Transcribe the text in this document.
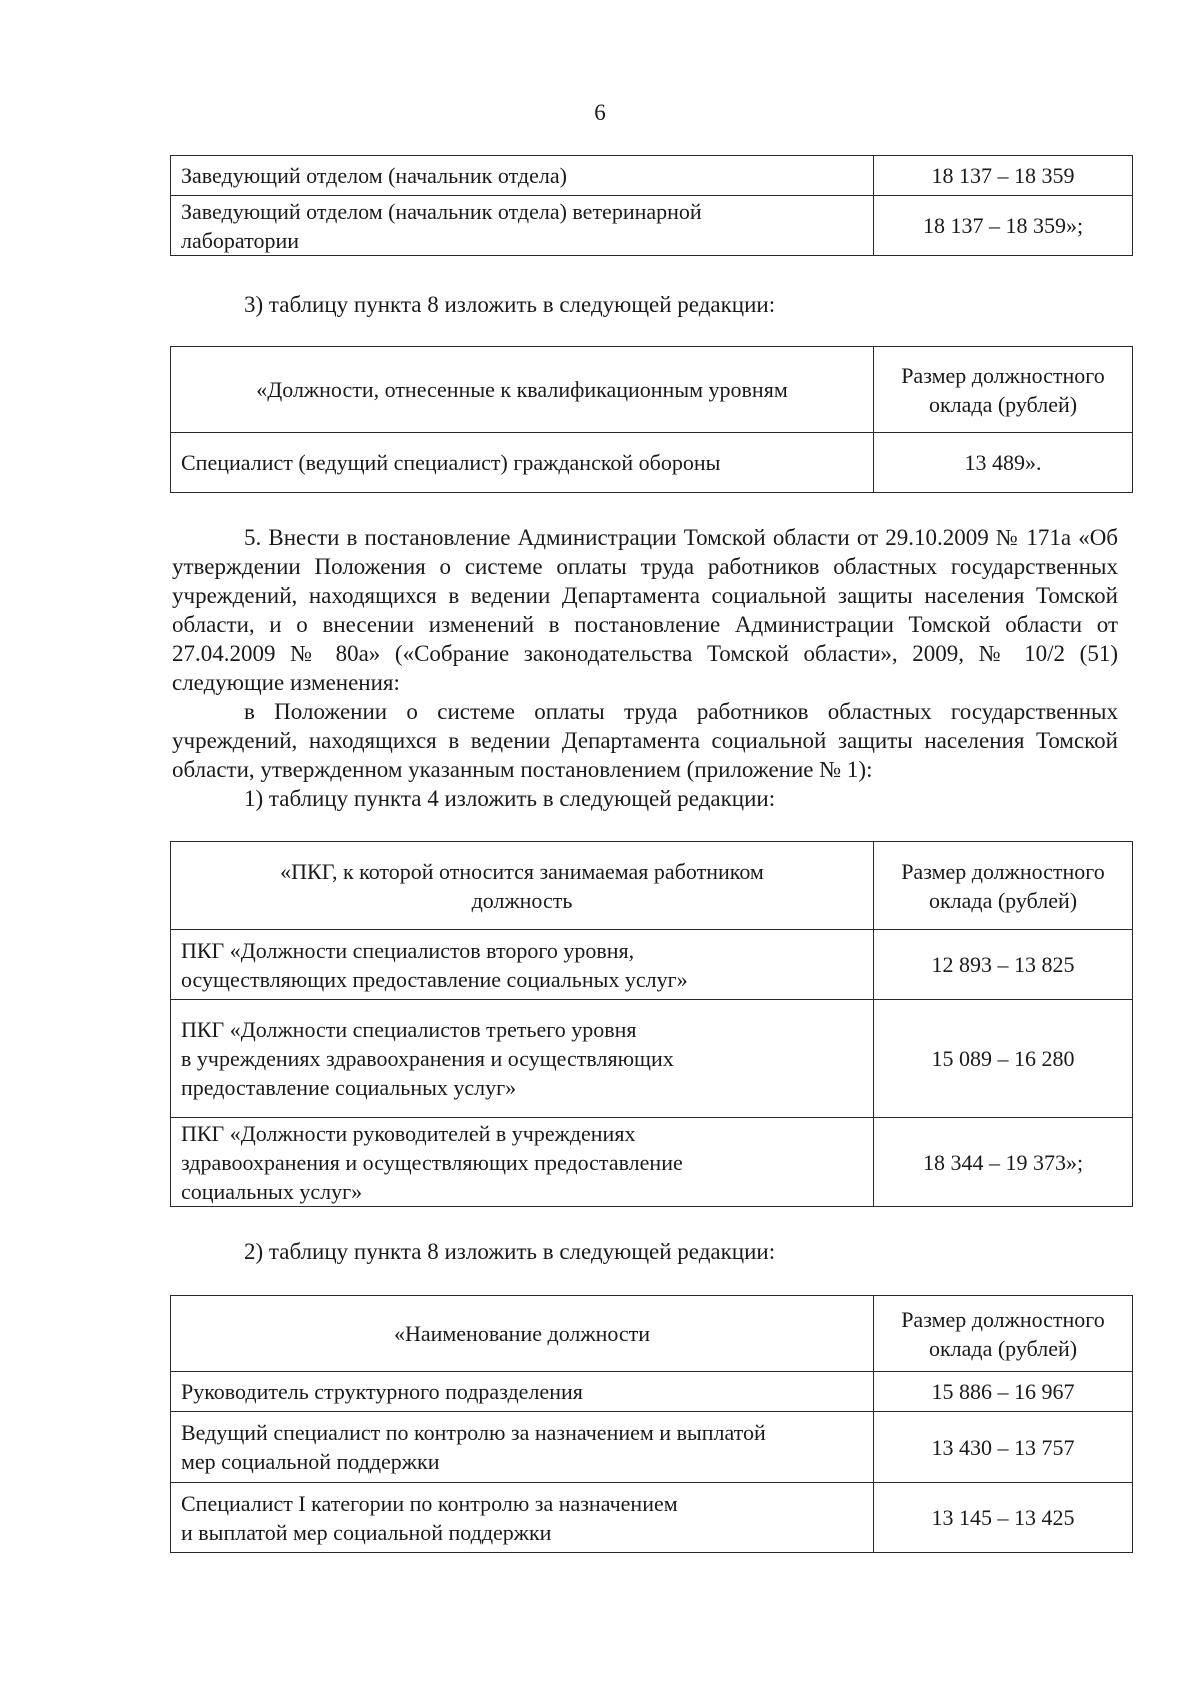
6
Заведующий отделом (начальник отдела)	18 137 – 18 359
Заведующий отделом (начальник отдела) ветеринарной
лаборатории	18 137 – 18 359»;
3) таблицу пункта 8 изложить в следующей редакции:
«Должности, отнесенные к квалификационным уровням	Размер должностного
оклада (рублей)
Специалист (ведущий специалист) гражданской обороны	13 489».
5. Внести в постановление Администрации Томской области от 29.10.2009 № 171а «Об утверждении Положения о системе оплаты труда работников областных государственных учреждений, находящихся в ведении Департамента социальной защиты населения Томской области, и о внесении изменений в постановление Администрации Томской области от 27.04.2009 № 80а» («Собрание законодательства Томской области», 2009, № 10/2 (51) следующие изменения:
в Положении о системе оплаты труда работников областных государственных учреждений, находящихся в ведении Департамента социальной защиты населения Томской области, утвержденном указанным постановлением (приложение № 1):
1) таблицу пункта 4 изложить в следующей редакции:
«ПКГ, к которой относится занимаемая работником
должность	Размер должностного
оклада (рублей)
ПКГ «Должности специалистов второго уровня,
осуществляющих предоставление социальных услуг»	12 893 – 13 825
ПКГ «Должности специалистов третьего уровня
в учреждениях здравоохранения и осуществляющих
предоставление социальных услуг»	15 089 – 16 280
ПКГ «Должности руководителей в учреждениях
здравоохранения и осуществляющих предоставление
социальных услуг»	18 344 – 19 373»;
2) таблицу пункта 8 изложить в следующей редакции:
«Наименование должности	Размер должностного
оклада (рублей)
Руководитель структурного подразделения	15 886 – 16 967
Ведущий специалист по контролю за назначением и выплатой
мер социальной поддержки	13 430 – 13 757
Специалист I категории по контролю за назначением
и выплатой мер социальной поддержки	13 145 – 13 425
